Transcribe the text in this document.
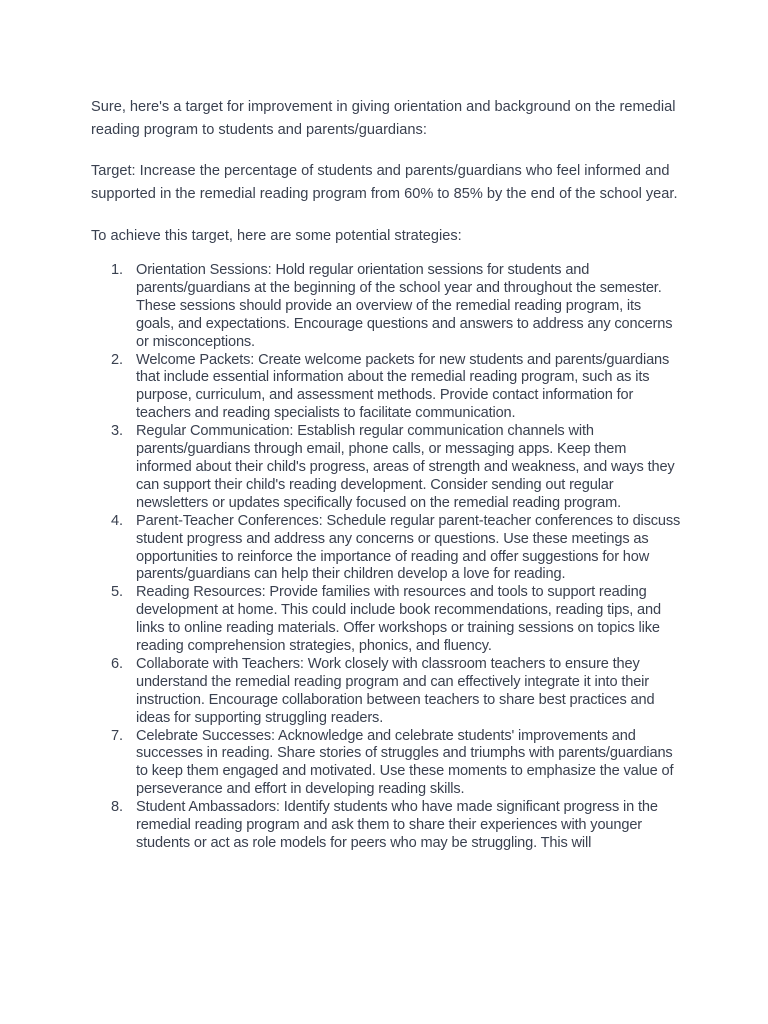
Sure, here's a target for improvement in giving orientation and background on the remedial reading program to students and parents/guardians:

Target: Increase the percentage of students and parents/guardians who feel informed and supported in the remedial reading program from 60% to 85% by the end of the school year.

To achieve this target, here are some potential strategies:

1. Orientation Sessions: Hold regular orientation sessions for students and parents/guardians at the beginning of the school year and throughout the semester. These sessions should provide an overview of the remedial reading program, its goals, and expectations. Encourage questions and answers to address any concerns or misconceptions.
2. Welcome Packets: Create welcome packets for new students and parents/guardians that include essential information about the remedial reading program, such as its purpose, curriculum, and assessment methods. Provide contact information for teachers and reading specialists to facilitate communication.
3. Regular Communication: Establish regular communication channels with parents/guardians through email, phone calls, or messaging apps. Keep them informed about their child's progress, areas of strength and weakness, and ways they can support their child's reading development. Consider sending out regular newsletters or updates specifically focused on the remedial reading program.
4. Parent-Teacher Conferences: Schedule regular parent-teacher conferences to discuss student progress and address any concerns or questions. Use these meetings as opportunities to reinforce the importance of reading and offer suggestions for how parents/guardians can help their children develop a love for reading.
5. Reading Resources: Provide families with resources and tools to support reading development at home. This could include book recommendations, reading tips, and links to online reading materials. Offer workshops or training sessions on topics like reading comprehension strategies, phonics, and fluency.
6. Collaborate with Teachers: Work closely with classroom teachers to ensure they understand the remedial reading program and can effectively integrate it into their instruction. Encourage collaboration between teachers to share best practices and ideas for supporting struggling readers.
7. Celebrate Successes: Acknowledge and celebrate students' improvements and successes in reading. Share stories of struggles and triumphs with parents/guardians to keep them engaged and motivated. Use these moments to emphasize the value of perseverance and effort in developing reading skills.
8. Student Ambassadors: Identify students who have made significant progress in the remedial reading program and ask them to share their experiences with younger students or act as role models for peers who may be struggling. This will
